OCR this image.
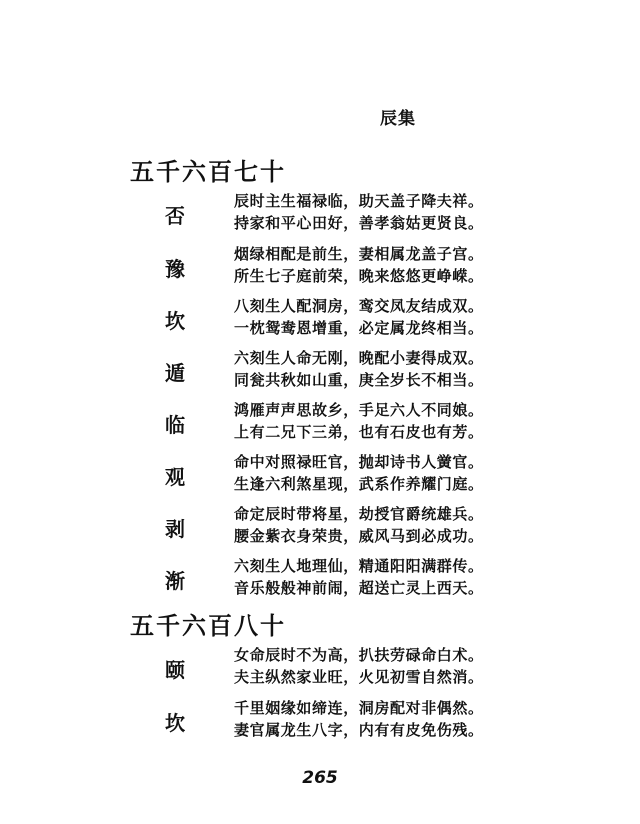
辰集
五千六百七十
否
辰时主生福禄临，助天盖子降夫祥。
持家和平心田好，善孝翁姑更贤良。
豫
烟绿相配是前生，妻相属龙盖子宫。
所生七子庭前荣，晚来悠悠更峥嵘。
坎
八刻生人配洞房，鸾交凤友结成双。
一枕鸳鸯恩增重，必定属龙终相当。
遁
六刻生人命无刚，晚配小妻得成双。
同瓮共秋如山重，庚全岁长不相当。
临
鸿雁声声思故乡，手足六人不同娘。
上有二兄下三弟，也有石皮也有芳。
观
命中对照禄旺官，抛却诗书人黉官。
生逢六利煞星现，武系作养耀门庭。
剥
命定辰时带将星，劫授官爵统雄兵。
腰金紫衣身荣贵，威风马到必成功。
渐
六刻生人地理仙，精通阳阳满群传。
音乐般般神前闹，超送亡灵上西天。
五千六百八十
颐
女命辰时不为高，扒扶劳碌命白术。
夫主纵然家业旺，火见初雪自然消。
坎
千里姻缘如缔连，洞房配对非偶然。
妻官属龙生八字，内有有皮免伤残。
265
